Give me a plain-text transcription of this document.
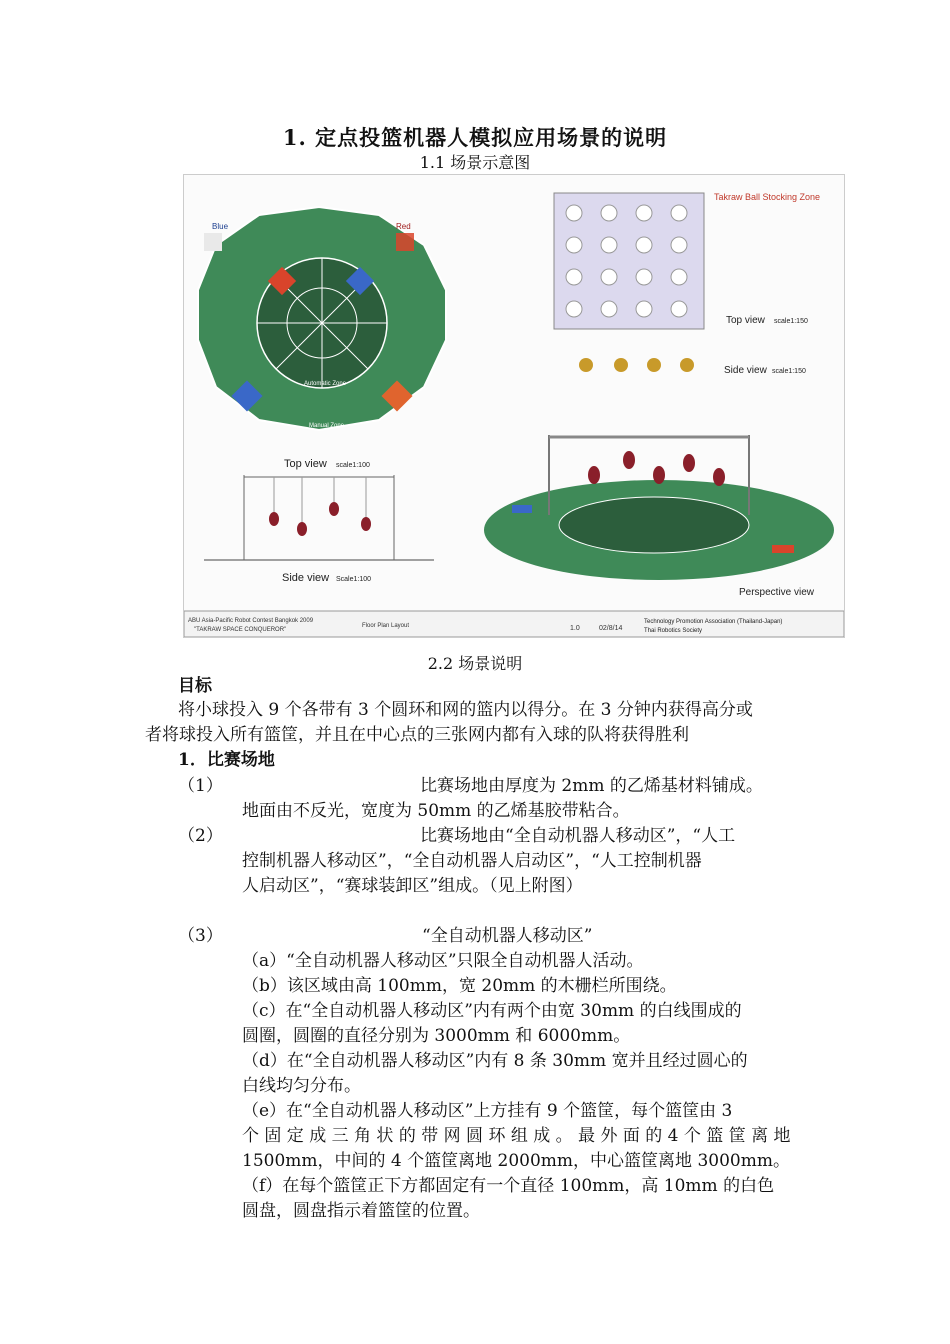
1. 定点投篮机器人模拟应用场景的说明
1.1 场景示意图
Blue	Red
Automatic Zone
Manual Zone
Top view scale1:100
Side view Scale1:100
Takraw Ball Stocking Zone
Top view scale1:150
Side view scale1:150
Perspective view
ABU Asia-Pacific Robot Contest Bangkok 2009
"TAKRAW SPACE CONQUEROR"
Floor Plan Layout	1.0	02/8/14
Technology Promotion Association (Thailand-Japan)
Thai Robotics Society
2.2 场景说明
目标
将小球投入 9 个各带有 3 个圆环和网的篮内以得分。在 3 分钟内获得高分或
者将球投入所有篮筐，并且在中心点的三张网内都有入球的队将获得胜利
1．比赛场地
（1）	比赛场地由厚度为 2mm 的乙烯基材料铺成。
地面由不反光，宽度为 50mm 的乙烯基胶带粘合。
（2）	比赛场地由“全自动机器人移动区”，“人工
控制机器人移动区”，“全自动机器人启动区”，“人工控制机器
人启动区”，“赛球装卸区”组成。（见上附图）
（3）	“全自动机器人移动区”
（a）“全自动机器人移动区”只限全自动机器人活动。
（b）该区域由高 100mm，宽 20mm 的木栅栏所围绕。
（c）在“全自动机器人移动区”内有两个由宽 30mm 的白线围成的
圆圈，圆圈的直径分别为 3000mm 和 6000mm。
（d）在“全自动机器人移动区”内有 8 条 30mm 宽并且经过圆心的
白线均匀分布。
（e）在“全自动机器人移动区”上方挂有 9 个篮筐，每个篮筐由 3
个 固 定 成 三 角 状 的 带 网 圆 环 组 成 。 最 外 面 的 4 个 篮 筐 离 地
1500mm，中间的 4 个篮筐离地 2000mm，中心篮筐离地 3000mm。
（f）在每个篮筐正下方都固定有一个直径 100mm，高 10mm 的白色
圆盘，圆盘指示着篮筐的位置。
